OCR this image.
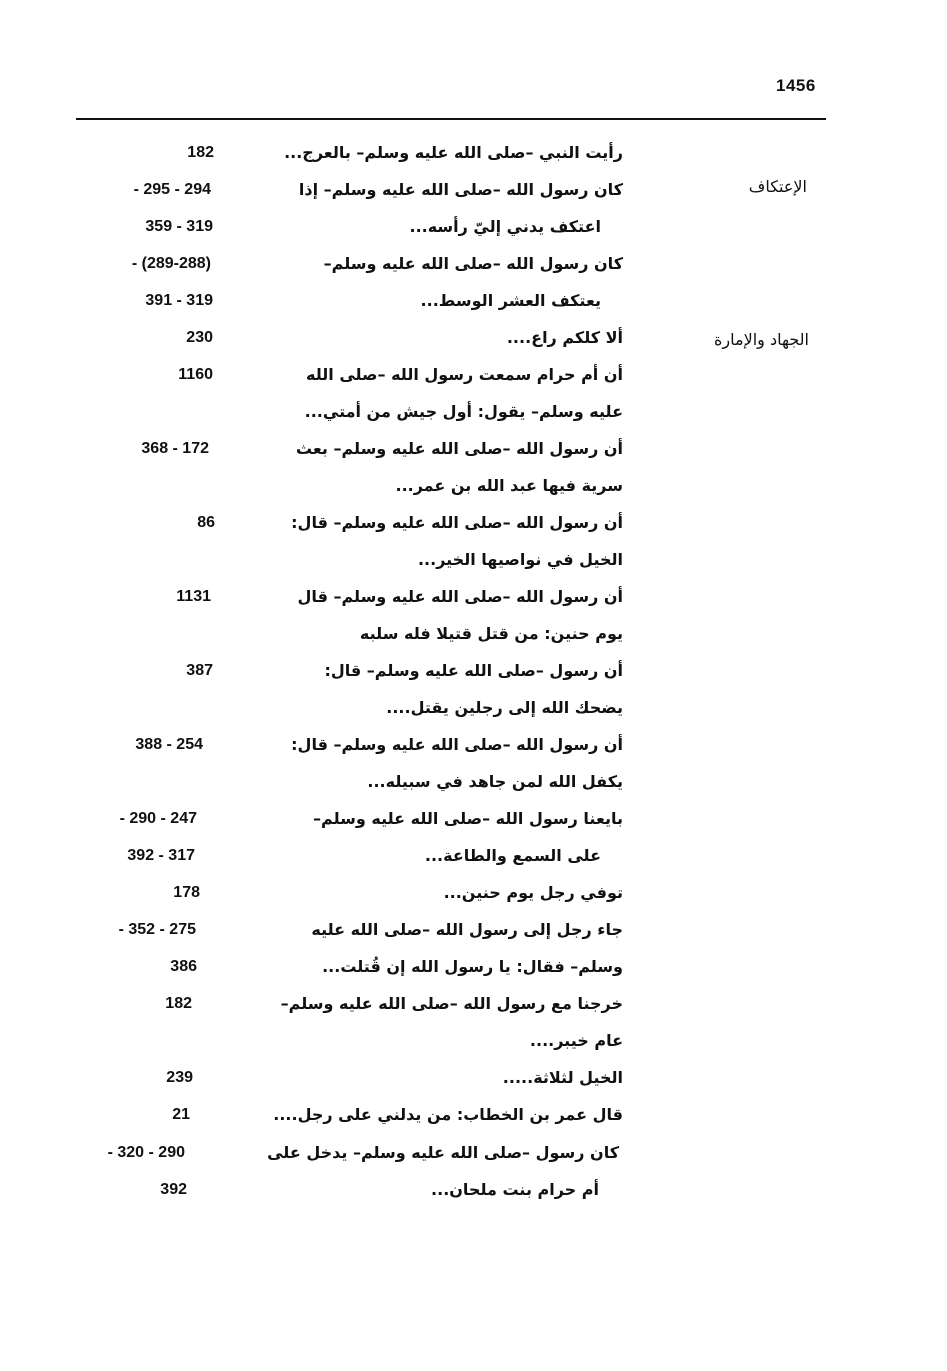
1456
الإعتكاف
الجهاد والإمارة
رأيت النبي –صلى الله عليه وسلم– بالعرج...
182
كان رسول الله –صلى الله عليه وسلم– إذا
- 295 - 294
اعتكف يدني إليّ رأسه...
359 - 319
كان رسول الله –صلى الله عليه وسلم–
- (289-288)
يعتكف العشر الوسط...
391 - 319
ألا كلكم راع....
230
أن أم حرام سمعت رسول الله –صلى الله
1160
عليه وسلم– يقول: أول جيش من أمتي...
أن رسول الله –صلى الله عليه وسلم– بعث
368 - 172
سرية فيها عبد الله بن عمر...
أن رسول الله –صلى الله عليه وسلم– قال:
86
الخيل في نواصيها الخير...
أن رسول الله –صلى الله عليه وسلم– قال
1131
يوم حنين: من قتل قتيلا فله سلبه
أن رسول –صلى الله عليه وسلم– قال:
387
يضحك الله إلى رجلين يقتل....
أن رسول الله –صلى الله عليه وسلم– قال:
388 - 254
يكفل الله لمن جاهد في سبيله...
بايعنا رسول الله –صلى الله عليه وسلم–
- 290 - 247
على السمع والطاعة...
392 - 317
توفي رجل يوم حنين...
178
جاء رجل إلى رسول الله –صلى الله عليه
- 352 - 275
وسلم– فقال: يا رسول الله إن قُتلت...
386
خرجنا مع رسول الله –صلى الله عليه وسلم–
182
عام خيبر....
الخيل لثلاثة.....
239
قال عمر بن الخطاب: من يدلني على رجل....
21
كان رسول –صلى الله عليه وسلم– يدخل على
- 320 - 290
أم حرام بنت ملحان...
392
